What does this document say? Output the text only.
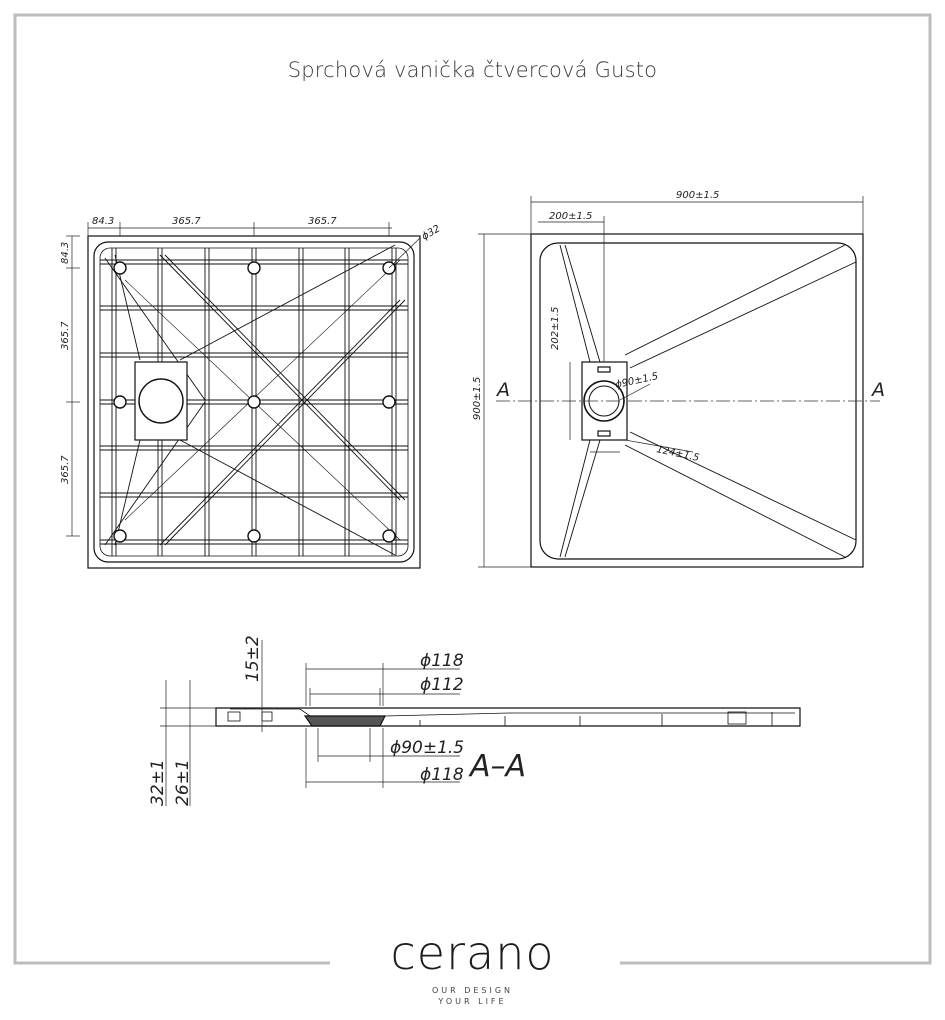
Sprchová vanička čtvercová Gusto
84.3	365.7	365.7
ϕ32
84.3
365.7
365.7
900±1.5
200±1.5
900±1.5
202±1.5
ϕ90±1.5
124±1.5
A	A
ϕ118
ϕ112
ϕ90±1.5
ϕ118
15±2
32±1 26±1	A–A
cerano
OUR DESIGN
YOUR LIFE
